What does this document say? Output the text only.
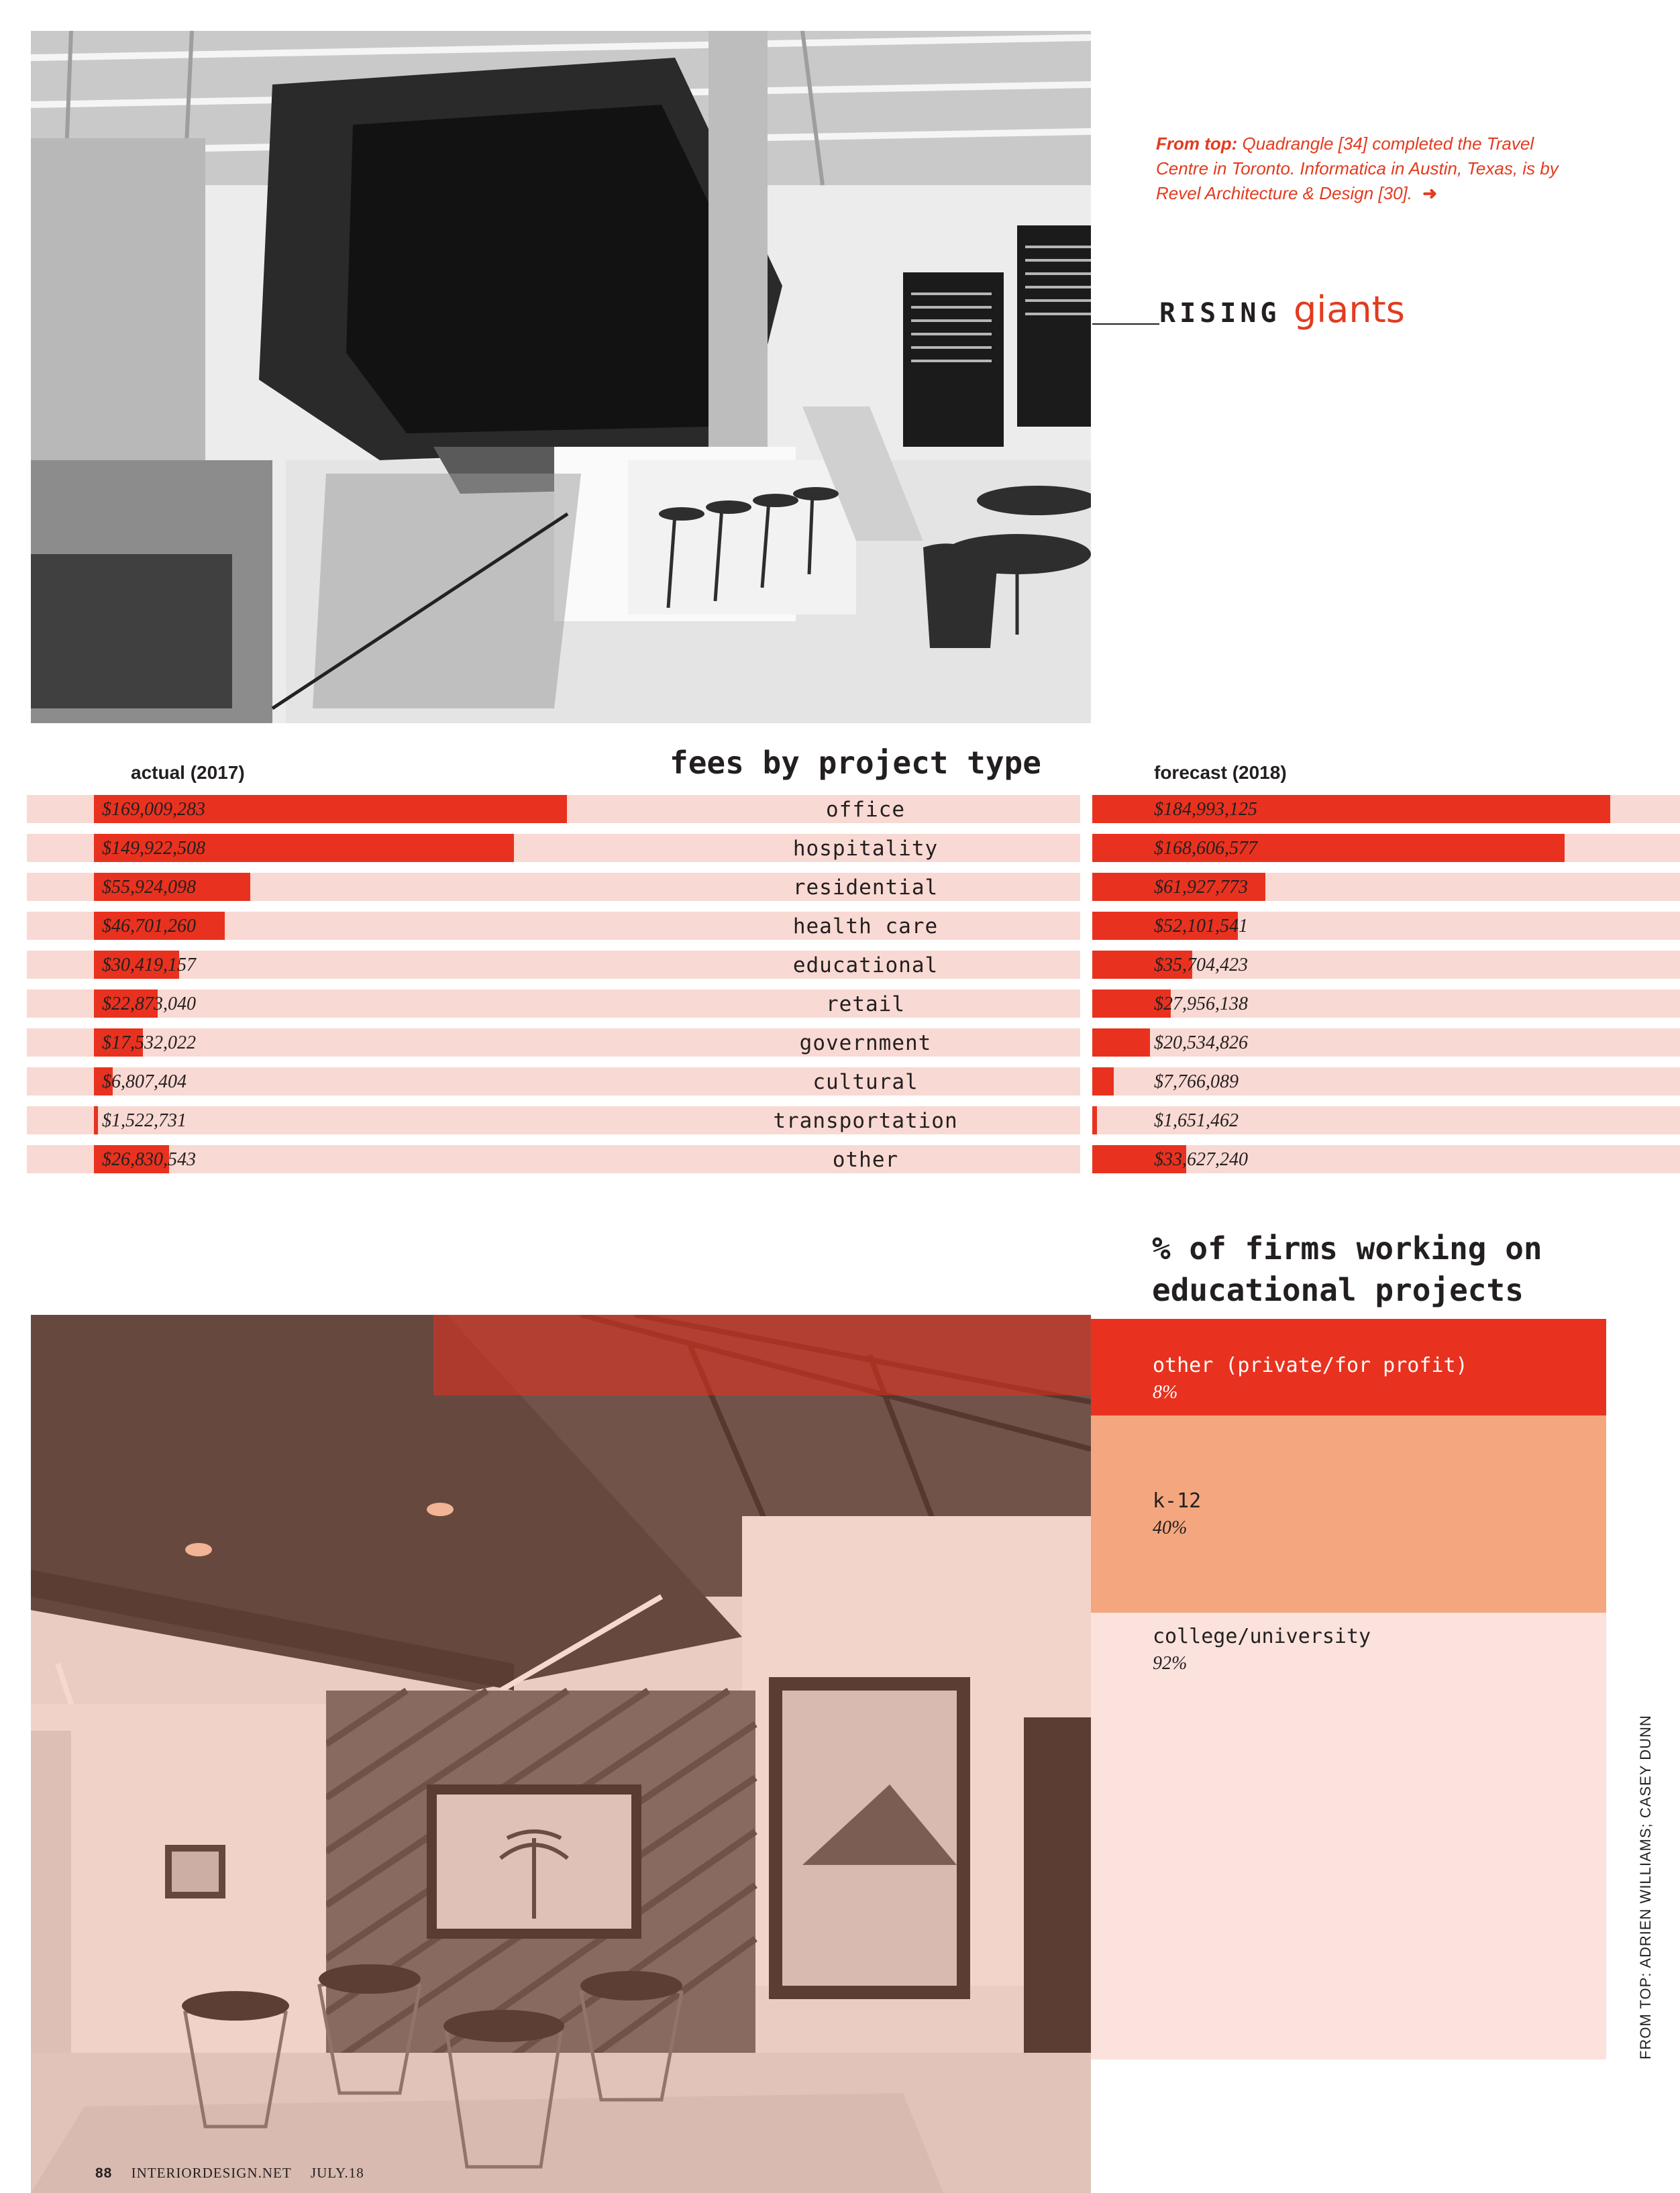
From top: Quadrangle [34] completed the Travel Centre in Toronto. Informatica in Austin, Texas, is by Revel Architecture & Design [30]. ➜
RISING giants
fees by project type
actual (2017)	forecast (2018)
$169,009,283	office	$184,993,125
$149,922,508	hospitality	$168,606,577
$55,924,098	residential	$61,927,773
$46,701,260	health care	$52,101,541
$30,419,157	educational	$35,704,423
$22,873,040	retail	$27,956,138
$17,532,022	government	$20,534,826
$6,807,404	cultural	$7,766,089
$1,522,731	transportation	$1,651,462
$26,830,543	other	$33,627,240
% of firms working on educational projects
other (private/for profit)
8%
k-12
40%
college/university
92%
FROM TOP: ADRIEN WILLIAMS; CASEY DUNN
88 INTERIORDESIGN.NET JULY.18
